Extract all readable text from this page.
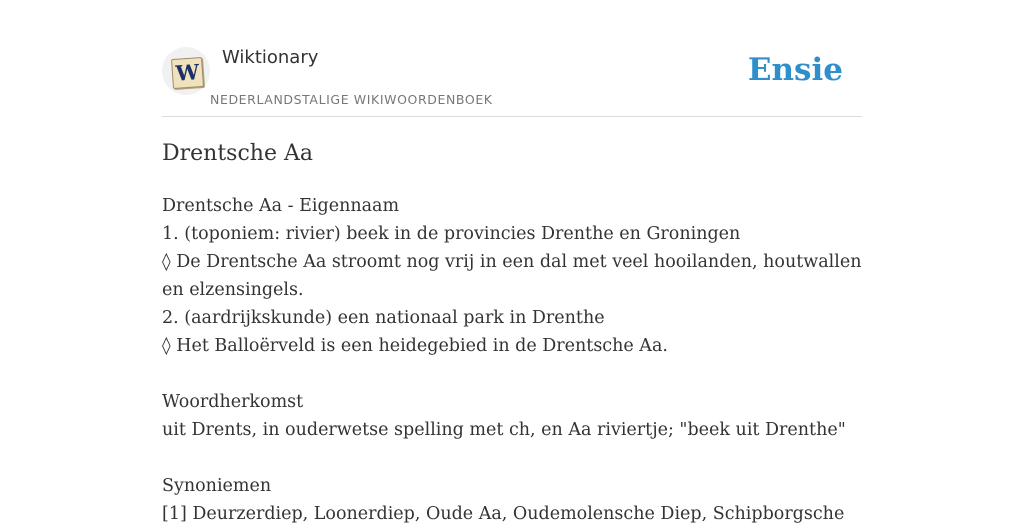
W
Wiktionary
NEDERLANDSTALIGE WIKIWOORDENBOEK
Ensie
Drentsche Aa
Drentsche Aa - Eigennaam
1. (toponiem: rivier) beek in de provincies Drenthe en Groningen
◊ De Drentsche Aa stroomt nog vrij in een dal met veel hooilanden, houtwallen en elzensingels.
2. (aardrijkskunde) een nationaal park in Drenthe
◊ Het Balloërveld is een heidegebied in de Drentsche Aa.
Woordherkomst
uit Drents, in ouderwetse spelling met ch, en Aa riviertje; "beek uit Drenthe"
Synoniemen
[1] Deurzerdiep, Loonerdiep, Oude Aa, Oudemolensche Diep, Schipborgsche
